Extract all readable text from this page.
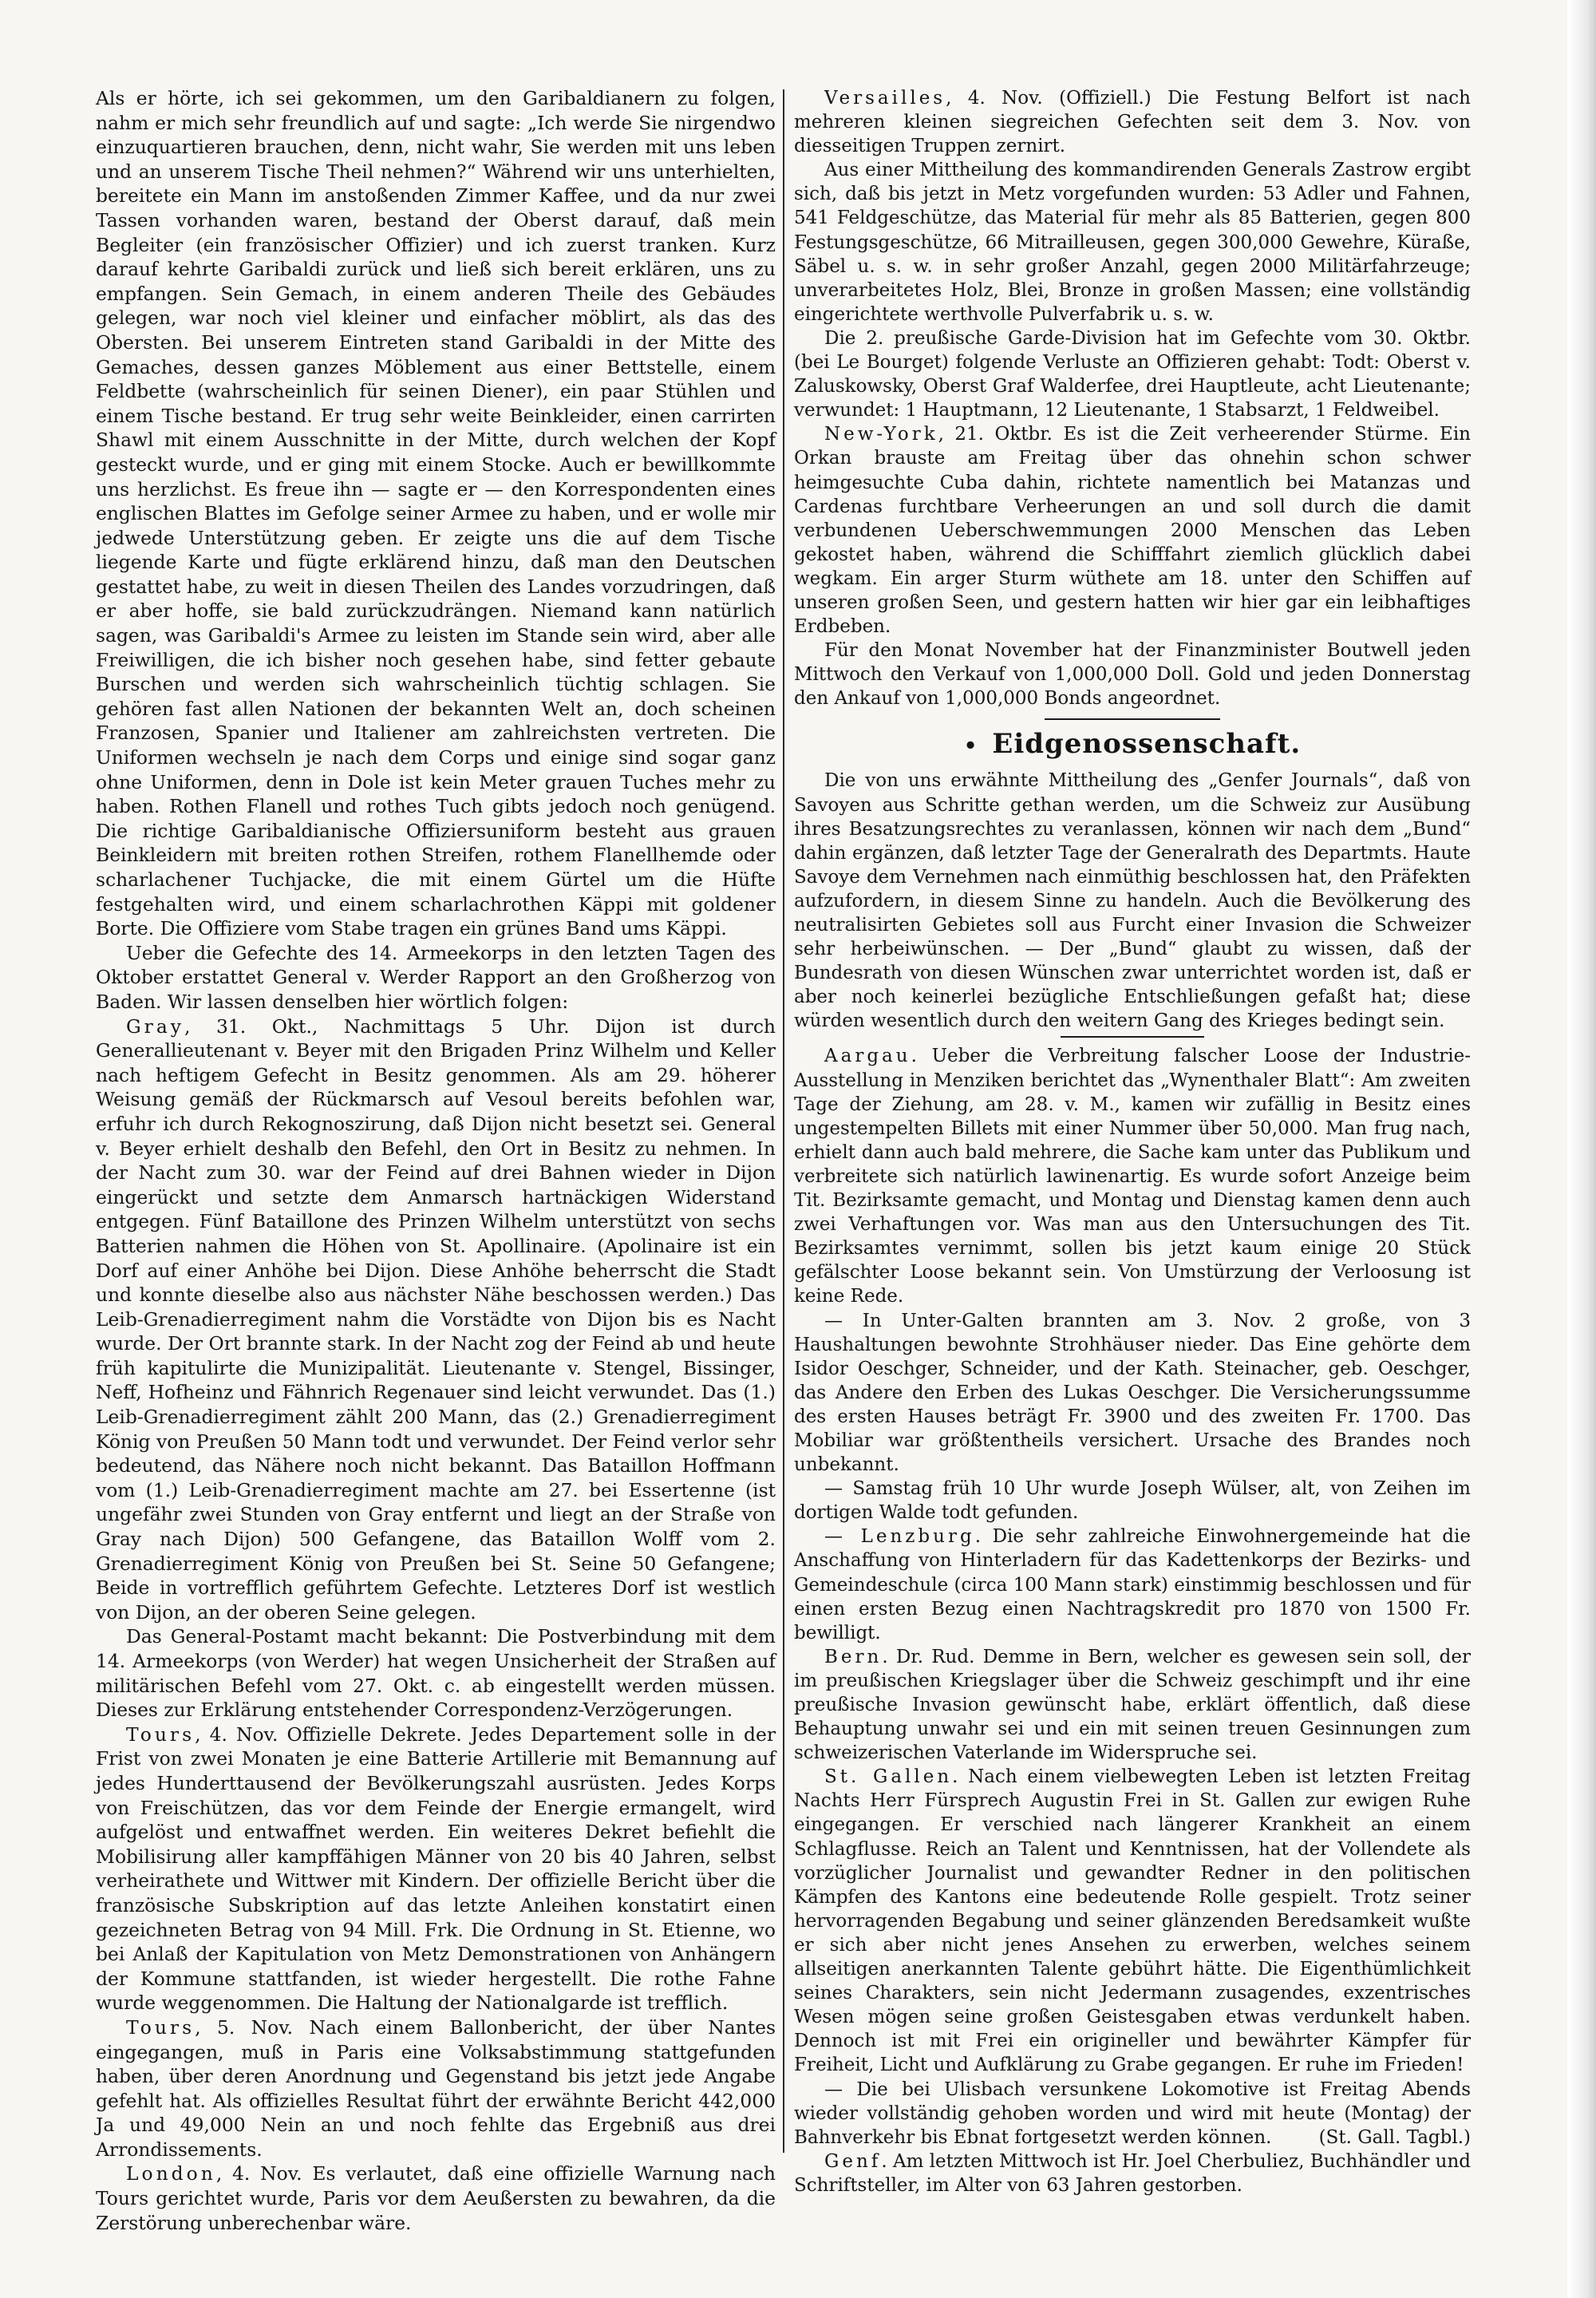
Als er hörte, ich sei gekommen, um den Garibaldianern zu folgen, nahm er mich sehr freundlich auf und sagte: „Ich werde Sie nirgendwo einzuquartieren brauchen, denn, nicht wahr, Sie werden mit uns leben und an unserem Tische Theil nehmen?“ Während wir uns unterhielten, bereitete ein Mann im anstoßenden Zimmer Kaffee, und da nur zwei Tassen vorhanden waren, bestand der Oberst darauf, daß mein Begleiter (ein französischer Offizier) und ich zuerst tranken. Kurz darauf kehrte Garibaldi zurück und ließ sich bereit erklären, uns zu empfangen. Sein Gemach, in einem anderen Theile des Gebäudes gelegen, war noch viel kleiner und einfacher möblirt, als das des Obersten. Bei unserem Eintreten stand Garibaldi in der Mitte des Gemaches, dessen ganzes Möblement aus einer Bettstelle, einem Feldbette (wahrscheinlich für seinen Diener), ein paar Stühlen und einem Tische bestand. Er trug sehr weite Beinkleider, einen carrirten Shawl mit einem Ausschnitte in der Mitte, durch welchen der Kopf gesteckt wurde, und er ging mit einem Stocke. Auch er bewillkommte uns herzlichst. Es freue ihn — sagte er — den Korrespondenten eines englischen Blattes im Gefolge seiner Armee zu haben, und er wolle mir jedwede Unterstützung geben. Er zeigte uns die auf dem Tische liegende Karte und fügte erklärend hinzu, daß man den Deutschen gestattet habe, zu weit in diesen Theilen des Landes vorzudringen, daß er aber hoffe, sie bald zurückzudrängen. Niemand kann natürlich sagen, was Garibaldi's Armee zu leisten im Stande sein wird, aber alle Freiwilligen, die ich bisher noch gesehen habe, sind fetter gebaute Burschen und werden sich wahrscheinlich tüchtig schlagen. Sie gehören fast allen Nationen der bekannten Welt an, doch scheinen Franzosen, Spanier und Italiener am zahlreichsten vertreten. Die Uniformen wechseln je nach dem Corps und einige sind sogar ganz ohne Uniformen, denn in Dole ist kein Meter grauen Tuches mehr zu haben. Rothen Flanell und rothes Tuch gibts jedoch noch genügend. Die richtige Garibaldianische Offiziersuniform besteht aus grauen Beinkleidern mit breiten rothen Streifen, rothem Flanellhemde oder scharlachener Tuchjacke, die mit einem Gürtel um die Hüfte festgehalten wird, und einem scharlachrothen Käppi mit goldener Borte. Die Offiziere vom Stabe tragen ein grünes Band ums Käppi.

Ueber die Gefechte des 14. Armeekorps in den letzten Tagen des Oktober erstattet General v. Werder Rapport an den Großherzog von Baden. Wir lassen denselben hier wörtlich folgen:

Gray, 31. Okt., Nachmittags 5 Uhr. Dijon ist durch Generallieutenant v. Beyer mit den Brigaden Prinz Wilhelm und Keller nach heftigem Gefecht in Besitz genommen. Als am 29. höherer Weisung gemäß der Rückmarsch auf Vesoul bereits befohlen war, erfuhr ich durch Rekognoszirung, daß Dijon nicht besetzt sei. General v. Beyer erhielt deshalb den Befehl, den Ort in Besitz zu nehmen. In der Nacht zum 30. war der Feind auf drei Bahnen wieder in Dijon eingerückt und setzte dem Anmarsch hartnäckigen Widerstand entgegen. Fünf Bataillone des Prinzen Wilhelm unterstützt von sechs Batterien nahmen die Höhen von St. Apollinaire. (Apolinaire ist ein Dorf auf einer Anhöhe bei Dijon. Diese Anhöhe beherrscht die Stadt und konnte dieselbe also aus nächster Nähe beschossen werden.) Das Leib-Grenadierregiment nahm die Vorstädte von Dijon bis es Nacht wurde. Der Ort brannte stark. In der Nacht zog der Feind ab und heute früh kapitulirte die Munizipalität. Lieutenante v. Stengel, Bissinger, Neff, Hofheinz und Fähnrich Regenauer sind leicht verwundet. Das (1.) Leib-Grenadierregiment zählt 200 Mann, das (2.) Grenadierregiment König von Preußen 50 Mann todt und verwundet. Der Feind verlor sehr bedeutend, das Nähere noch nicht bekannt. Das Bataillon Hoffmann vom (1.) Leib-Grenadierregiment machte am 27. bei Essertenne (ist ungefähr zwei Stunden von Gray entfernt und liegt an der Straße von Gray nach Dijon) 500 Gefangene, das Bataillon Wolff vom 2. Grenadierregiment König von Preußen bei St. Seine 50 Gefangene; Beide in vortrefflich geführtem Gefechte. Letzteres Dorf ist westlich von Dijon, an der oberen Seine gelegen.

Das General-Postamt macht bekannt: Die Postverbindung mit dem 14. Armeekorps (von Werder) hat wegen Unsicherheit der Straßen auf militärischen Befehl vom 27. Okt. c. ab eingestellt werden müssen. Dieses zur Erklärung entstehender Correspondenz-Verzögerungen.

Tours, 4. Nov. Offizielle Dekrete. Jedes Departement solle in der Frist von zwei Monaten je eine Batterie Artillerie mit Bemannung auf jedes Hunderttausend der Bevölkerungszahl ausrüsten. Jedes Korps von Freischützen, das vor dem Feinde der Energie ermangelt, wird aufgelöst und entwaffnet werden. Ein weiteres Dekret befiehlt die Mobilisirung aller kampffähigen Männer von 20 bis 40 Jahren, selbst verheirathete und Wittwer mit Kindern. Der offizielle Bericht über die französische Subskription auf das letzte Anleihen konstatirt einen gezeichneten Betrag von 94 Mill. Frk. Die Ordnung in St. Etienne, wo bei Anlaß der Kapitulation von Metz Demonstrationen von Anhängern der Kommune stattfanden, ist wieder hergestellt. Die rothe Fahne wurde weggenommen. Die Haltung der Nationalgarde ist trefflich.

Tours, 5. Nov. Nach einem Ballonbericht, der über Nantes eingegangen, muß in Paris eine Volksabstimmung stattgefunden haben, über deren Anordnung und Gegenstand bis jetzt jede Angabe gefehlt hat. Als offizielles Resultat führt der erwähnte Bericht 442,000 Ja und 49,000 Nein an und noch fehlte das Ergebniß aus drei Arrondissements.

London, 4. Nov. Es verlautet, daß eine offizielle Warnung nach Tours gerichtet wurde, Paris vor dem Aeußersten zu bewahren, da die Zerstörung unberechenbar wäre.

Versailles, 4. Nov. (Offiziell.) Die Festung Belfort ist nach mehreren kleinen siegreichen Gefechten seit dem 3. Nov. von diesseitigen Truppen zernirt.

Aus einer Mittheilung des kommandirenden Generals Zastrow ergibt sich, daß bis jetzt in Metz vorgefunden wurden: 53 Adler und Fahnen, 541 Feldgeschütze, das Material für mehr als 85 Batterien, gegen 800 Festungsgeschütze, 66 Mitrailleusen, gegen 300,000 Gewehre, Küraße, Säbel u. s. w. in sehr großer Anzahl, gegen 2000 Militärfahrzeuge; unverarbeitetes Holz, Blei, Bronze in großen Massen; eine vollständig eingerichtete werthvolle Pulverfabrik u. s. w.

Die 2. preußische Garde-Division hat im Gefechte vom 30. Oktbr. (bei Le Bourget) folgende Verluste an Offizieren gehabt: Todt: Oberst v. Zaluskowsky, Oberst Graf Walderfee, drei Hauptleute, acht Lieutenante; verwundet: 1 Hauptmann, 12 Lieutenante, 1 Stabsarzt, 1 Feldweibel.

New-York, 21. Oktbr. Es ist die Zeit verheerender Stürme. Ein Orkan brauste am Freitag über das ohnehin schon schwer heimgesuchte Cuba dahin, richtete namentlich bei Matanzas und Cardenas furchtbare Verheerungen an und soll durch die damit verbundenen Ueberschwemmungen 2000 Menschen das Leben gekostet haben, während die Schifffahrt ziemlich glücklich dabei wegkam. Ein arger Sturm wüthete am 18. unter den Schiffen auf unseren großen Seen, und gestern hatten wir hier gar ein leibhaftiges Erdbeben.

Für den Monat November hat der Finanzminister Boutwell jeden Mittwoch den Verkauf von 1,000,000 Doll. Gold und jeden Donnerstag den Ankauf von 1,000,000 Bonds angeordnet.

• Eidgenossenschaft.

Die von uns erwähnte Mittheilung des „Genfer Journals“, daß von Savoyen aus Schritte gethan werden, um die Schweiz zur Ausübung ihres Besatzungsrechtes zu veranlassen, können wir nach dem „Bund“ dahin ergänzen, daß letzter Tage der Generalrath des Departmts. Haute Savoye dem Vernehmen nach einmüthig beschlossen hat, den Präfekten aufzufordern, in diesem Sinne zu handeln. Auch die Bevölkerung des neutralisirten Gebietes soll aus Furcht einer Invasion die Schweizer sehr herbeiwünschen. — Der „Bund“ glaubt zu wissen, daß der Bundesrath von diesen Wünschen zwar unterrichtet worden ist, daß er aber noch keinerlei bezügliche Entschließungen gefaßt hat; diese würden wesentlich durch den weitern Gang des Krieges bedingt sein.

Aargau. Ueber die Verbreitung falscher Loose der Industrie-Ausstellung in Menziken berichtet das „Wynenthaler Blatt“: Am zweiten Tage der Ziehung, am 28. v. M., kamen wir zufällig in Besitz eines ungestempelten Billets mit einer Nummer über 50,000. Man frug nach, erhielt dann auch bald mehrere, die Sache kam unter das Publikum und verbreitete sich natürlich lawinenartig. Es wurde sofort Anzeige beim Tit. Bezirksamte gemacht, und Montag und Dienstag kamen denn auch zwei Verhaftungen vor. Was man aus den Untersuchungen des Tit. Bezirksamtes vernimmt, sollen bis jetzt kaum einige 20 Stück gefälschter Loose bekannt sein. Von Umstürzung der Verloosung ist keine Rede.

— In Unter-Galten brannten am 3. Nov. 2 große, von 3 Haushaltungen bewohnte Strohhäuser nieder. Das Eine gehörte dem Isidor Oeschger, Schneider, und der Kath. Steinacher, geb. Oeschger, das Andere den Erben des Lukas Oeschger. Die Versicherungssumme des ersten Hauses beträgt Fr. 3900 und des zweiten Fr. 1700. Das Mobiliar war größtentheils versichert. Ursache des Brandes noch unbekannt.

— Samstag früh 10 Uhr wurde Joseph Wülser, alt, von Zeihen im dortigen Walde todt gefunden.

— Lenzburg. Die sehr zahlreiche Einwohnergemeinde hat die Anschaffung von Hinterladern für das Kadettenkorps der Bezirks- und Gemeindeschule (circa 100 Mann stark) einstimmig beschlossen und für einen ersten Bezug einen Nachtragskredit pro 1870 von 1500 Fr. bewilligt.

Bern. Dr. Rud. Demme in Bern, welcher es gewesen sein soll, der im preußischen Kriegslager über die Schweiz geschimpft und ihr eine preußische Invasion gewünscht habe, erklärt öffentlich, daß diese Behauptung unwahr sei und ein mit seinen treuen Gesinnungen zum schweizerischen Vaterlande im Widerspruche sei.

St. Gallen. Nach einem vielbewegten Leben ist letzten Freitag Nachts Herr Fürsprech Augustin Frei in St. Gallen zur ewigen Ruhe eingegangen. Er verschied nach längerer Krankheit an einem Schlagflusse. Reich an Talent und Kenntnissen, hat der Vollendete als vorzüglicher Journalist und gewandter Redner in den politischen Kämpfen des Kantons eine bedeutende Rolle gespielt. Trotz seiner hervorragenden Begabung und seiner glänzenden Beredsamkeit wußte er sich aber nicht jenes Ansehen zu erwerben, welches seinem allseitigen anerkannten Talente gebührt hätte. Die Eigenthümlichkeit seines Charakters, sein nicht Jedermann zusagendes, exzentrisches Wesen mögen seine großen Geistesgaben etwas verdunkelt haben. Dennoch ist mit Frei ein origineller und bewährter Kämpfer für Freiheit, Licht und Aufklärung zu Grabe gegangen. Er ruhe im Frieden!

— Die bei Ulisbach versunkene Lokomotive ist Freitag Abends wieder vollständig gehoben worden und wird mit heute (Montag) der Bahnverkehr bis Ebnat fortgesetzt werden können.	(St. Gall. Tagbl.)

Genf. Am letzten Mittwoch ist Hr. Joel Cherbuliez, Buchhändler und Schriftsteller, im Alter von 63 Jahren gestorben.
